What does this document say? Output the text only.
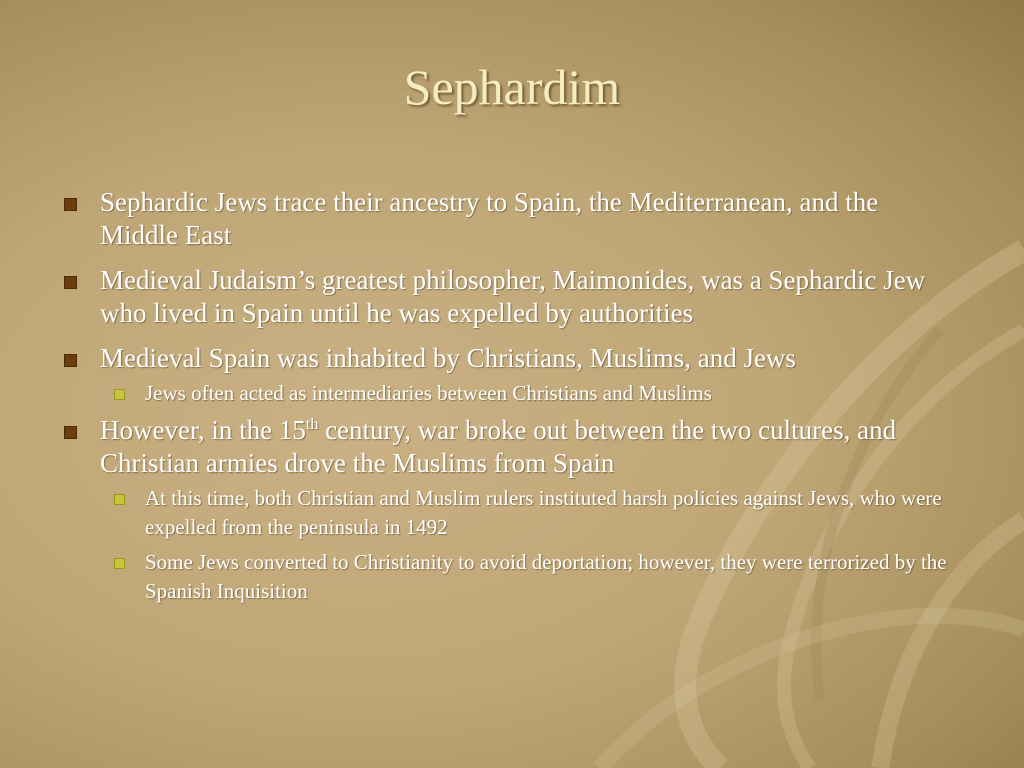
Sephardim
Sephardic Jews trace their ancestry to Spain, the Mediterranean, and the Middle East
Medieval Judaism’s greatest philosopher, Maimonides, was a Sephardic Jew who lived in Spain until he was expelled by authorities
Medieval Spain was inhabited by Christians, Muslims, and Jews
Jews often acted as intermediaries between Christians and Muslims
However, in the 15th century, war broke out between the two cultures, and Christian armies drove the Muslims from Spain
At this time, both Christian and Muslim rulers instituted harsh policies against Jews, who were expelled from the peninsula in 1492
Some Jews converted to Christianity to avoid deportation; however, they were terrorized by the Spanish Inquisition
